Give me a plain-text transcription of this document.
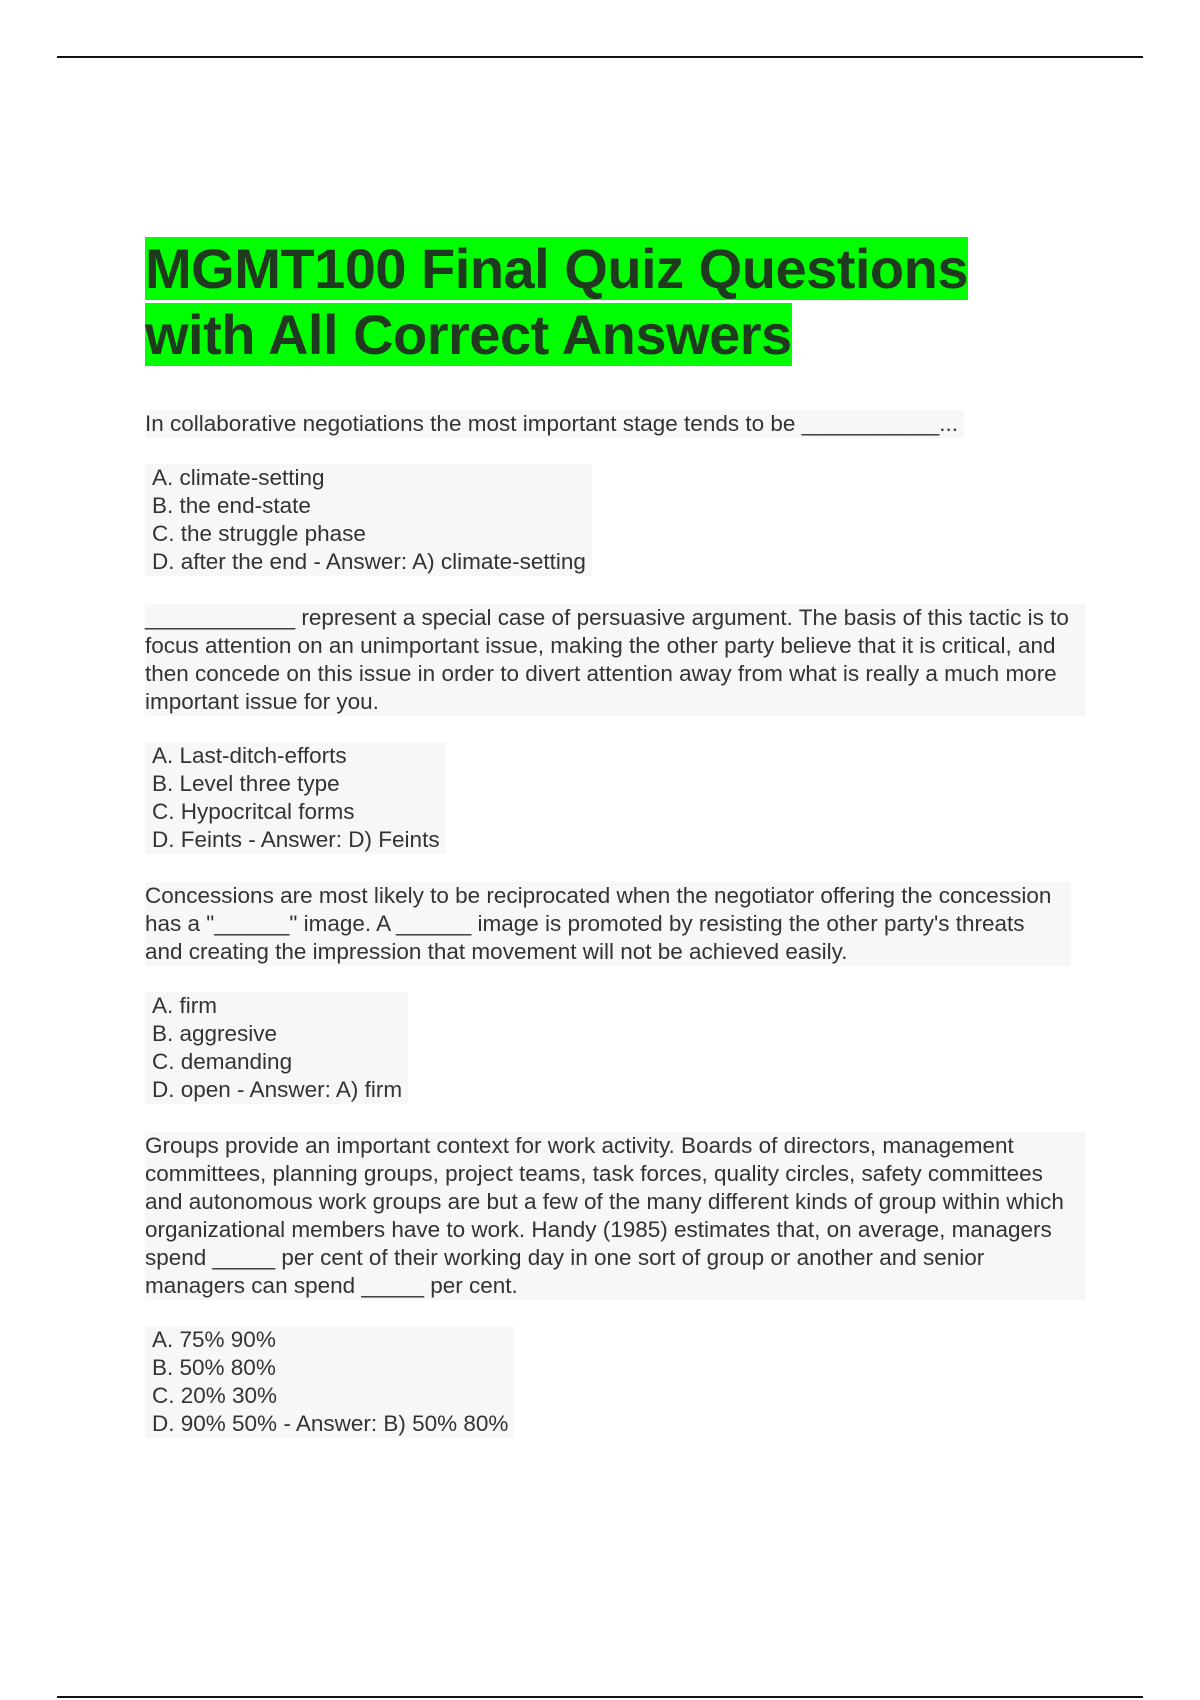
MGMT100 Final Quiz Questions with All Correct Answers
In collaborative negotiations the most important stage tends to be ___________...
A. climate-setting
B. the end-state
C. the struggle phase
D. after the end - Answer: A) climate-setting
____________ represent a special case of persuasive argument. The basis of this tactic is to focus attention on an unimportant issue, making the other party believe that it is critical, and then concede on this issue in order to divert attention away from what is really a much more important issue for you.
A. Last-ditch-efforts
B. Level three type
C. Hypocritcal forms
D. Feints - Answer: D) Feints
Concessions are most likely to be reciprocated when the negotiator offering the concession has a "______" image. A ______ image is promoted by resisting the other party's threats and creating the impression that movement will not be achieved easily.
A. firm
B. aggresive
C. demanding
D. open - Answer: A) firm
Groups provide an important context for work activity. Boards of directors, management committees, planning groups, project teams, task forces, quality circles, safety committees and autonomous work groups are but a few of the many different kinds of group within which organizational members have to work. Handy (1985) estimates that, on average, managers spend _____ per cent of their working day in one sort of group or another and senior managers can spend _____ per cent.
A. 75% 90%
B. 50% 80%
C. 20% 30%
D. 90% 50% - Answer: B) 50% 80%
